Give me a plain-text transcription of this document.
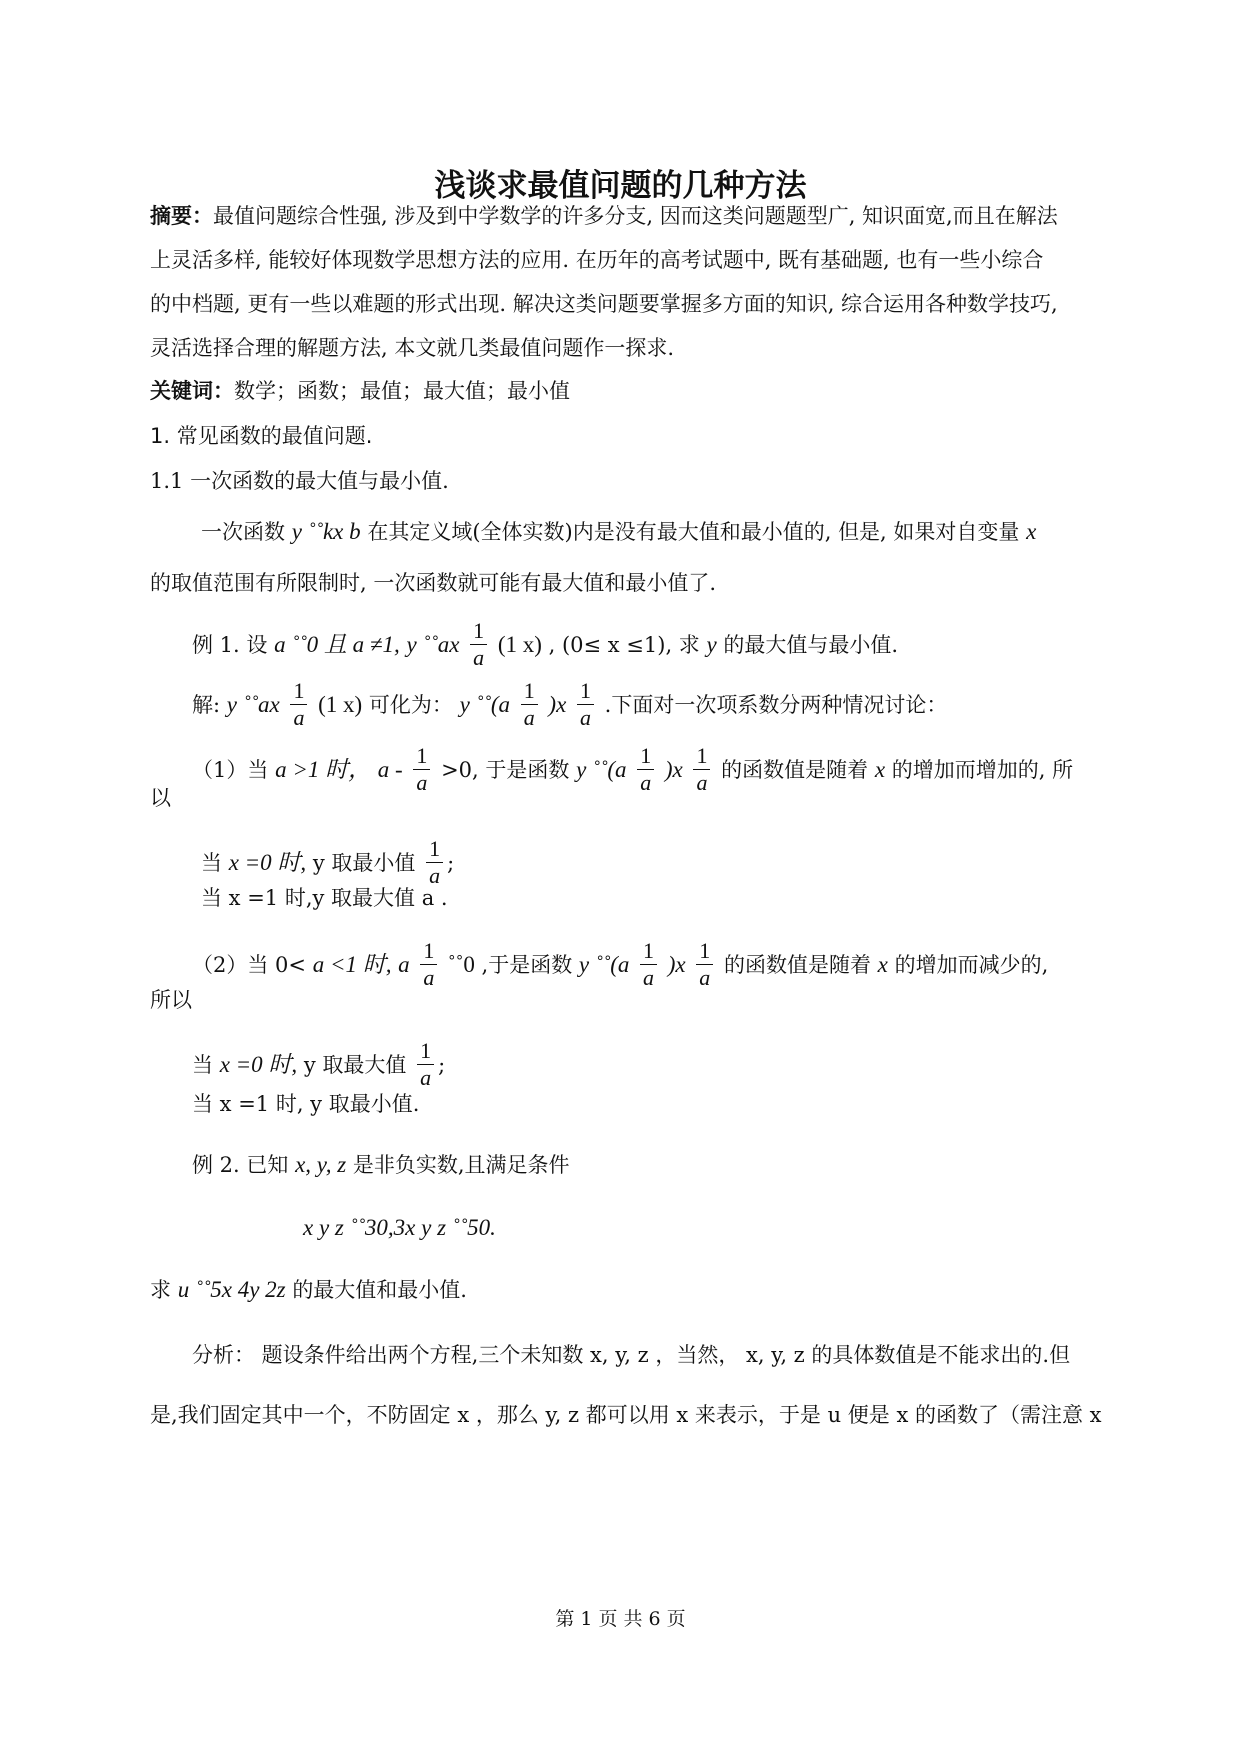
浅谈求最值问题的几种方法
摘要：最值问题综合性强, 涉及到中学数学的许多分支, 因而这类问题题型广, 知识面宽,而且在解法
上灵活多样, 能较好体现数学思想方法的应用. 在历年的高考试题中, 既有基础题, 也有一些小综合
的中档题, 更有一些以难题的形式出现. 解决这类问题要掌握多方面的知识, 综合运用各种数学技巧,
灵活选择合理的解题方法, 本文就几类最值问题作一探求.
关键词：数学；函数；最值；最大值；最小值
1. 常见函数的最值问题.
1.1 一次函数的最大值与最小值.
一次函数 y ˚˚kx b 在其定义域(全体实数)内是没有最大值和最小值的, 但是, 如果对自变量 x
的取值范围有所限制时, 一次函数就可能有最大值和最小值了.
例 1. 设 a ˚˚0 且 a ≠1, y ˚˚ax $\frac{1}{a} (1$ x) , (0≤ x ≤1), 求 y 的最大值与最小值.
解: y ˚˚ax $\frac{1}{a} (1$ x) 可化为： y ˚˚(a $\frac{1}{a} )x \frac{1}{a}$ .下面对一次项系数分两种情况讨论：
（1）当 a >1 时， $a - \frac{1}{a} >0$, 于是函数 y ˚˚(a $\frac{1}{a} )x \frac{1}{a}$ 的函数值是随着 x 的增加而增加的, 所
以
当 x =0 时, y 取最小值 $\frac{1}{a}$ ;
当 x =1 时,y 取最大值 a .
（2）当 0< a <1 时, a $\frac{1}{a}$ ˚˚0 ,于是函数 y ˚˚(a $\frac{1}{a} )x \frac{1}{a}$ 的函数值是随着 x 的增加而减少的,
所以
当 x =0 时, y 取最大值 $\frac{1}{a}$ ;
当 x =1 时, y 取最小值.
例 2. 已知 x, y, z 是非负实数,且满足条件
x y z ˚˚30,3x y z ˚˚50.
求 u ˚˚5x 4y 2z 的最大值和最小值.
分析： 题设条件给出两个方程,三个未知数 x, y, z ，当然， x, y, z 的具体数值是不能求出的.但
是,我们固定其中一个，不防固定 x ，那么 y, z 都可以用 x 来表示，于是 u 便是 x 的函数了（需注意 x
第 1 页 共 6 页
